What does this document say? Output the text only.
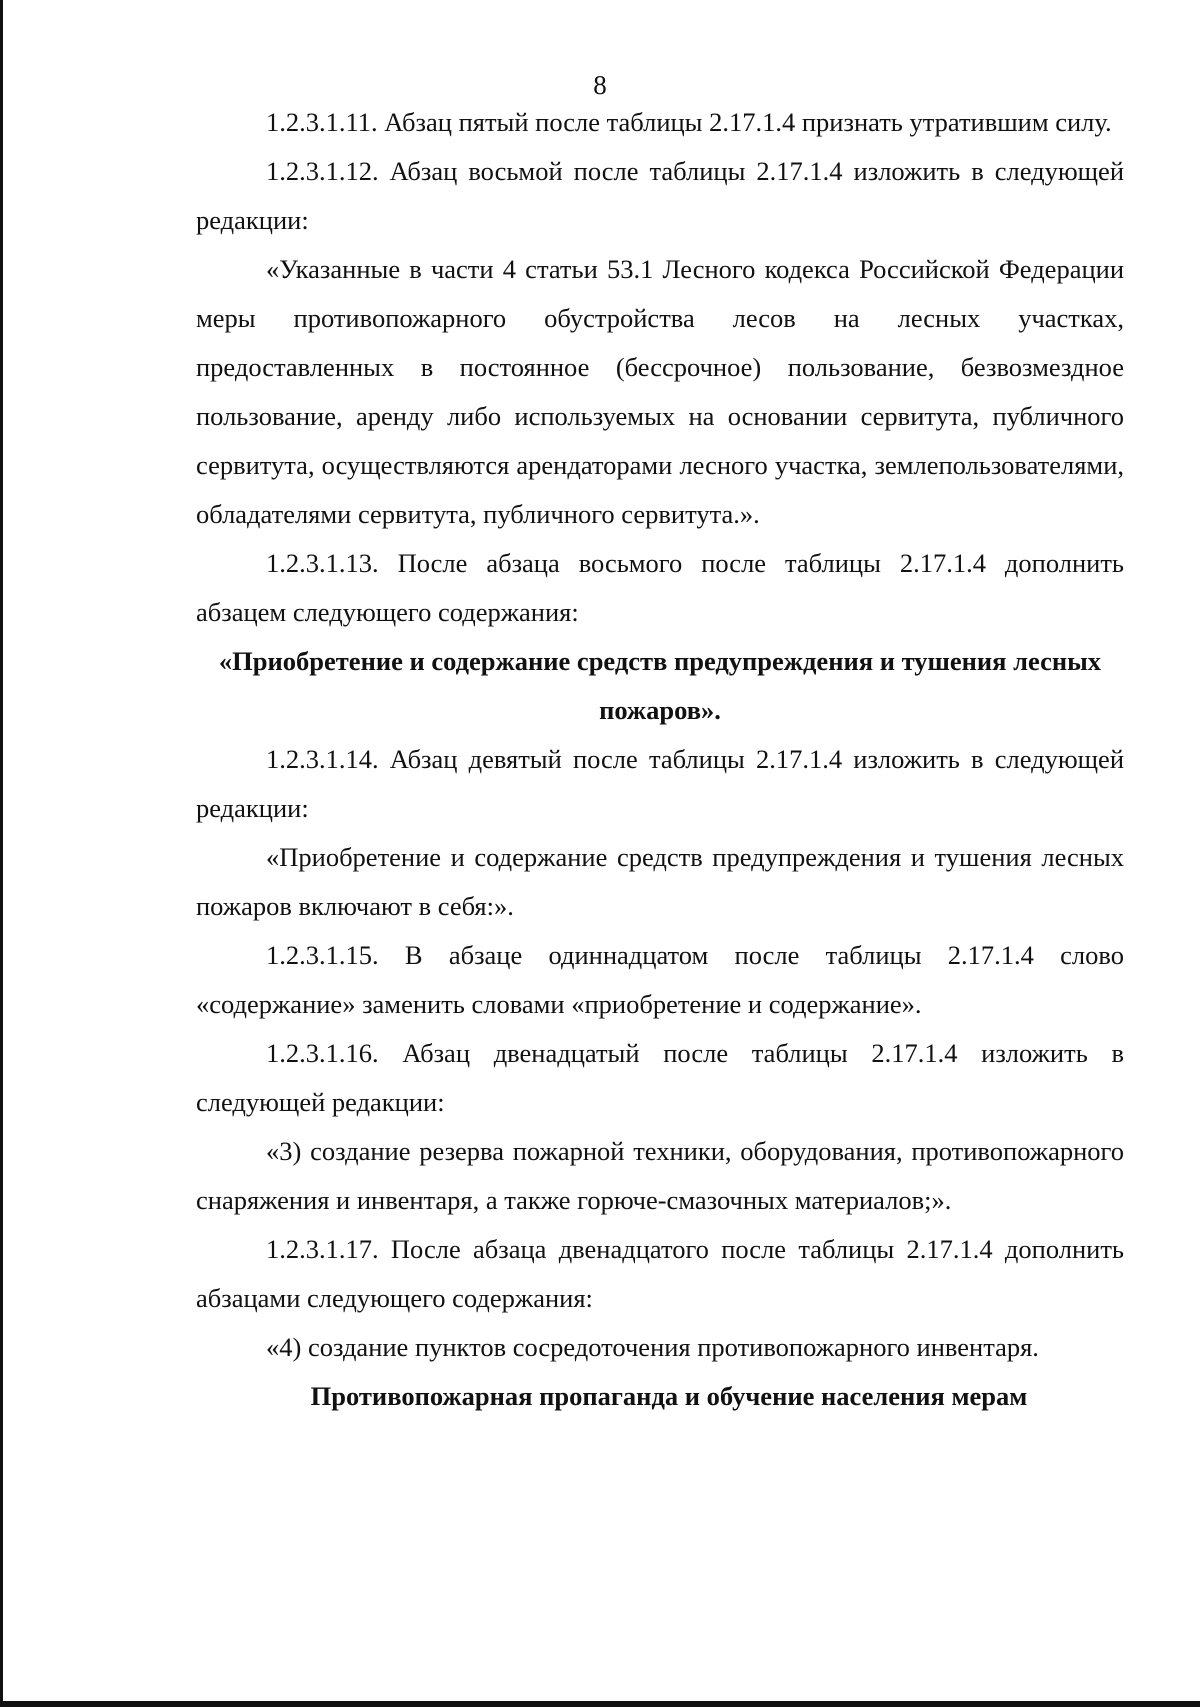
8

1.2.3.1.11. Абзац пятый после таблицы 2.17.1.4 признать утратившим силу.

1.2.3.1.12. Абзац восьмой после таблицы 2.17.1.4 изложить в следующей редакции:

«Указанные в части 4 статьи 53.1 Лесного кодекса Российской Федерации меры противопожарного обустройства лесов на лесных участках, предоставленных в постоянное (бессрочное) пользование, безвозмездное пользование, аренду либо используемых на основании сервитута, публичного сервитута, осуществляются арендаторами лесного участка, землепользователями, обладателями сервитута, публичного сервитута.».

1.2.3.1.13. После абзаца восьмого после таблицы 2.17.1.4 дополнить абзацем следующего содержания:

«Приобретение и содержание средств предупреждения и тушения лесных пожаров».

1.2.3.1.14. Абзац девятый после таблицы 2.17.1.4 изложить в следующей редакции:

«Приобретение и содержание средств предупреждения и тушения лесных пожаров включают в себя:».

1.2.3.1.15. В абзаце одиннадцатом после таблицы 2.17.1.4 слово «содержание» заменить словами «приобретение и содержание».

1.2.3.1.16. Абзац двенадцатый после таблицы 2.17.1.4 изложить в следующей редакции:

«3) создание резерва пожарной техники, оборудования, противопожарного снаряжения и инвентаря, а также горюче-смазочных материалов;».

1.2.3.1.17. После абзаца двенадцатого после таблицы 2.17.1.4 дополнить абзацами следующего содержания:

«4) создание пунктов сосредоточения противопожарного инвентаря.

Противопожарная пропаганда и обучение населения мерам
